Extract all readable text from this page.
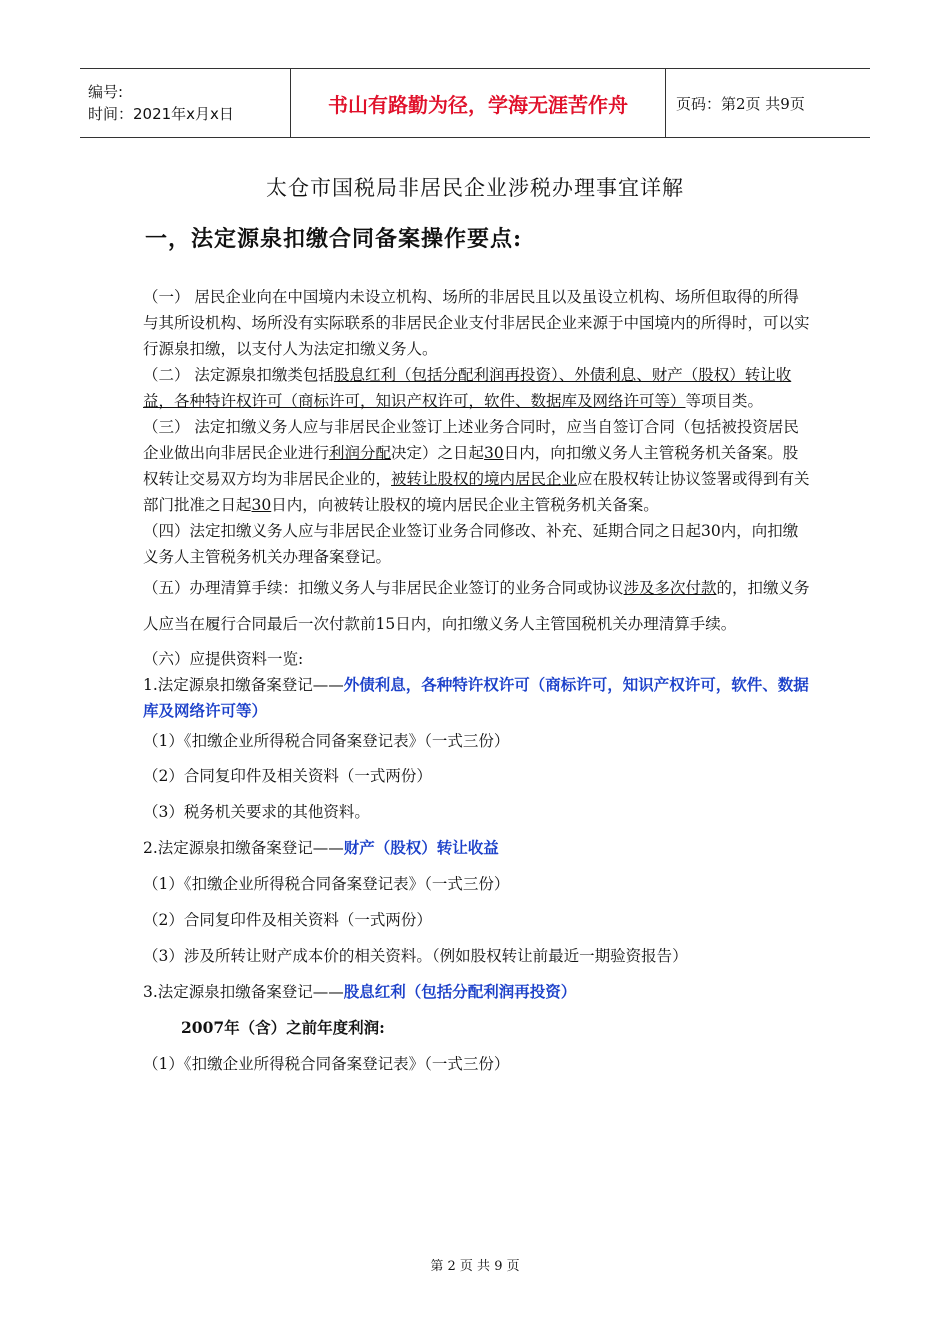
编号:
时间：2021年x月x日	书山有路勤为径，学海无涯苦作舟	页码：第2页 共9页
太仓市国税局非居民企业涉税办理事宜详解
一，法定源泉扣缴合同备案操作要点:

（一） 居民企业向在中国境内未设立机构、场所的非居民且以及虽设立机构、场所但取得的所得与其所设机构、场所没有实际联系的非居民企业支付非居民企业来源于中国境内的所得时，可以实行源泉扣缴，以支付人为法定扣缴义务人。

（二） 法定源泉扣缴类包括股息红利（包括分配利润再投资）、外债利息、财产（股权）转让收益，各种特许权许可（商标许可，知识产权许可，软件、数据库及网络许可等）等项目类。

（三） 法定扣缴义务人应与非居民企业签订上述业务合同时，应当自签订合同（包括被投资居民企业做出向非居民企业进行利润分配决定）之日起30日内，向扣缴义务人主管税务机关备案。股权转让交易双方均为非居民企业的，被转让股权的境内居民企业应在股权转让协议签署或得到有关部门批准之日起30日内，向被转让股权的境内居民企业主管税务机关备案。

（四）法定扣缴义务人应与非居民企业签订业务合同修改、补充、延期合同之日起30内，向扣缴义务人主管税务机关办理备案登记。

（五）办理清算手续：扣缴义务人与非居民企业签订的业务合同或协议涉及多次付款的，扣缴义务人应当在履行合同最后一次付款前15日内，向扣缴义务人主管国税机关办理清算手续。

（六）应提供资料一览:

1.法定源泉扣缴备案登记——外债利息，各种特许权许可（商标许可，知识产权许可，软件、数据库及网络许可等）

（1）《扣缴企业所得税合同备案登记表》（一式三份）

（2）合同复印件及相关资料（一式两份）

（3）税务机关要求的其他资料。

2.法定源泉扣缴备案登记——财产（股权）转让收益

（1）《扣缴企业所得税合同备案登记表》（一式三份）

（2）合同复印件及相关资料（一式两份）

（3）涉及所转让财产成本价的相关资料。（例如股权转让前最近一期验资报告）

3.法定源泉扣缴备案登记——股息红利（包括分配利润再投资）

2007年（含）之前年度利润:

（1）《扣缴企业所得税合同备案登记表》（一式三份）

第 2 页 共 9 页
